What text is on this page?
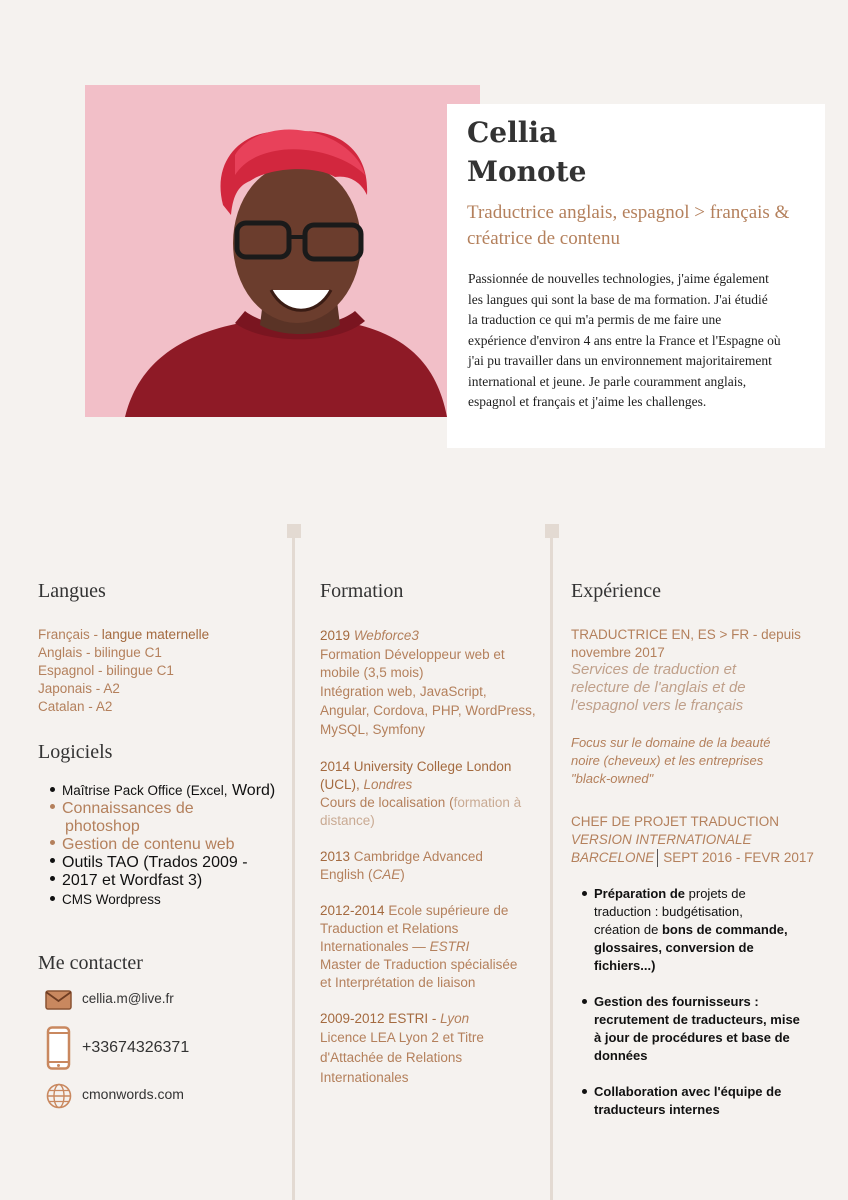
Cellia
Monote
Traductrice anglais, espagnol > français &
créatrice de contenu
Passionnée de nouvelles technologies, j'aime également
les langues qui sont la base de ma formation. J'ai étudié
la traduction ce qui m'a permis de me faire une
expérience d'environ 4 ans entre la France et l'Espagne où
j'ai pu travailler dans un environnement majoritairement
international et jeune. Je parle couramment anglais,
espagnol et français et j'aime les challenges.
Langues
Logiciels
Me contacter
Formation	Expérience
Français - langue maternelle
Anglais - bilingue C1
Espagnol - bilingue C1
Japonais - A2
Catalan - A2
Maîtrise Pack Office (Excel, Word)
Connaissances de
photoshop
Gestion de contenu web
Outils TAO (Trados 2009 -
2017 et Wordfast 3)
CMS Wordpress
cellia.m@live.fr
+33674326371
cmonwords.com
2019 Webforce3
Formation Développeur web et
mobile (3,5 mois)
Intégration web, JavaScript,
Angular, Cordova, PHP, WordPress,
MySQL, Symfony
2014 University College London
(UCL), Londres
Cours de localisation (formation à
distance)
2013 Cambridge Advanced
English (CAE)
2012-2014 Ecole supérieure de
Traduction et Relations
Internationales — ESTRI
Master de Traduction spécialisée
et Interprétation de liaison
2009-2012 ESTRI - Lyon
Licence LEA Lyon 2 et Titre
d'Attachée de Relations
Internationales
TRADUCTRICE EN, ES > FR - depuis
novembre 2017
Services de traduction et
relecture de l'anglais et de
l'espagnol vers le français
Focus sur le domaine de la beauté
noire (cheveux) et les entreprises
"black-owned"
CHEF DE PROJET TRADUCTION
VERSION INTERNATIONALE
BARCELONE SEPT 2016 - FEVR 2017
Préparation de projets de
traduction : budgétisation,
création de bons de commande,
glossaires, conversion de
fichiers...)
Gestion des fournisseurs :
recrutement de traducteurs, mise
à jour de procédures et base de
données
Collaboration avec l'équipe de
traducteurs internes
